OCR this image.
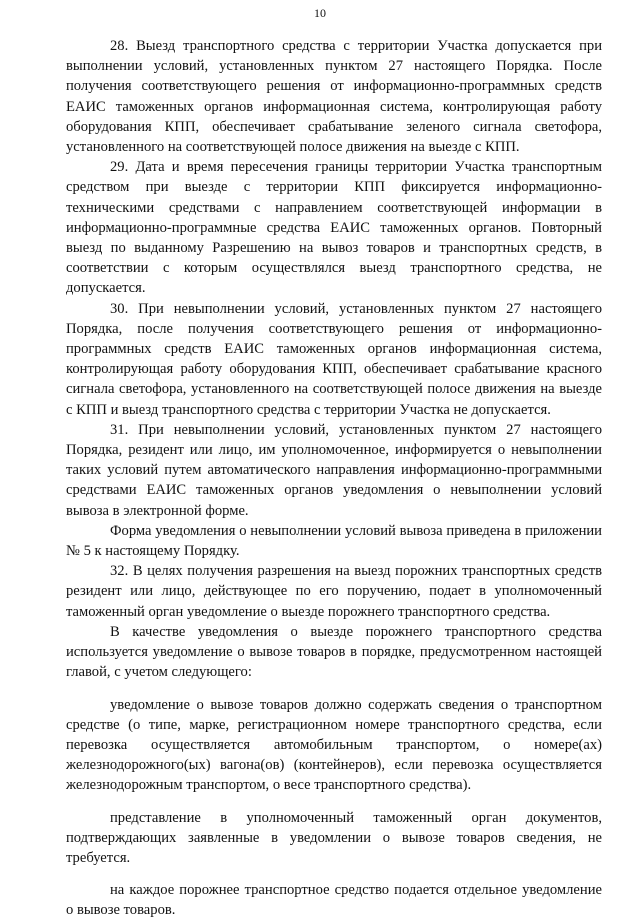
10

28. Выезд транспортного средства с территории Участка допускается при выполнении условий, установленных пунктом 27 настоящего Порядка. После получения соответствующего решения от информационно-программных средств ЕАИС таможенных органов информационная система, контролирующая работу оборудования КПП, обеспечивает срабатывание зеленого сигнала светофора, установленного на соответствующей полосе движения на выезде с КПП.

29. Дата и время пересечения границы территории Участка транспортным средством при выезде с территории КПП фиксируется информационно-техническими средствами с направлением соответствующей информации в информационно-программные средства ЕАИС таможенных органов. Повторный выезд по выданному Разрешению на вывоз товаров и транспортных средств, в соответствии с которым осуществлялся выезд транспортного средства, не допускается.

30. При невыполнении условий, установленных пунктом 27 настоящего Порядка, после получения соответствующего решения от информационно-программных средств ЕАИС таможенных органов информационная система, контролирующая работу оборудования КПП, обеспечивает срабатывание красного сигнала светофора, установленного на соответствующей полосе движения на выезде с КПП и выезд транспортного средства с территории Участка не допускается.

31. При невыполнении условий, установленных пунктом 27 настоящего Порядка, резидент или лицо, им уполномоченное, информируется о невыполнении таких условий путем автоматического направления информационно-программными средствами ЕАИС таможенных органов уведомления о невыполнении условий вывоза в электронной форме.

Форма уведомления о невыполнении условий вывоза приведена в приложении № 5 к настоящему Порядку.

32. В целях получения разрешения на выезд порожних транспортных средств резидент или лицо, действующее по его поручению, подает в уполномоченный таможенный орган уведомление о выезде порожнего транспортного средства.

В качестве уведомления о выезде порожнего транспортного средства используется уведомление о вывозе товаров в порядке, предусмотренном настоящей главой, с учетом следующего:

уведомление о вывозе товаров должно содержать сведения о транспортном средстве (о типе, марке, регистрационном номере транспортного средства, если перевозка осуществляется автомобильным транспортом, о номере(ах) железнодорожного(ых) вагона(ов) (контейнеров), если перевозка осуществляется железнодорожным транспортом, о весе транспортного средства).

представление в уполномоченный таможенный орган документов, подтверждающих заявленные в уведомлении о вывозе товаров сведения, не требуется.

на каждое порожнее транспортное средство подается отдельное уведомление о вывозе товаров.
